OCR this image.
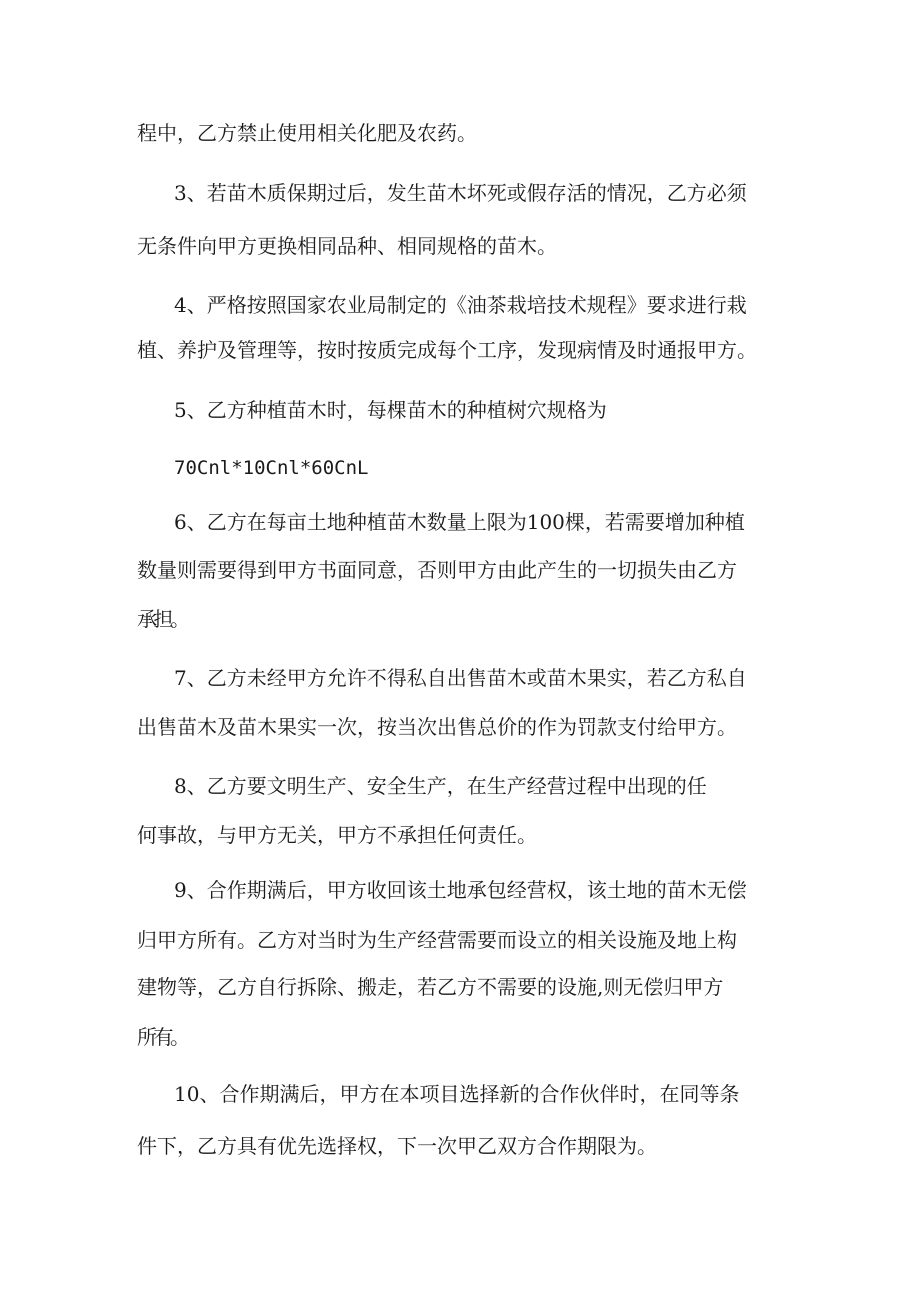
程中，乙方禁止使用相关化肥及农药。
3、若苗木质保期过后，发生苗木坏死或假存活的情况，乙方必须
无条件向甲方更换相同品种、相同规格的苗木。
4、严格按照国家农业局制定的《油茶栽培技术规程》要求进行栽
植、养护及管理等，按时按质完成每个工序，发现病情及时通报甲方。
5、乙方种植苗木时，每棵苗木的种植树穴规格为
70Cnl*10Cnl*60CnL
6、乙方在每亩土地种植苗木数量上限为100棵，若需要增加种植
数量则需要得到甲方书面同意，否则甲方由此产生的一切损失由乙方
承担。
7、乙方未经甲方允许不得私自出售苗木或苗木果实，若乙方私自
出售苗木及苗木果实一次，按当次出售总价的作为罚款支付给甲方。
8、乙方要文明生产、安全生产，在生产经营过程中出现的任
何事故，与甲方无关，甲方不承担任何责任。
9、合作期满后，甲方收回该土地承包经营权，该土地的苗木无偿
归甲方所有。乙方对当时为生产经营需要而设立的相关设施及地上构
建物等，乙方自行拆除、搬走，若乙方不需要的设施,则无偿归甲方
所有。
10、合作期满后，甲方在本项目选择新的合作伙伴时，在同等条
件下，乙方具有优先选择权，下一次甲乙双方合作期限为。
